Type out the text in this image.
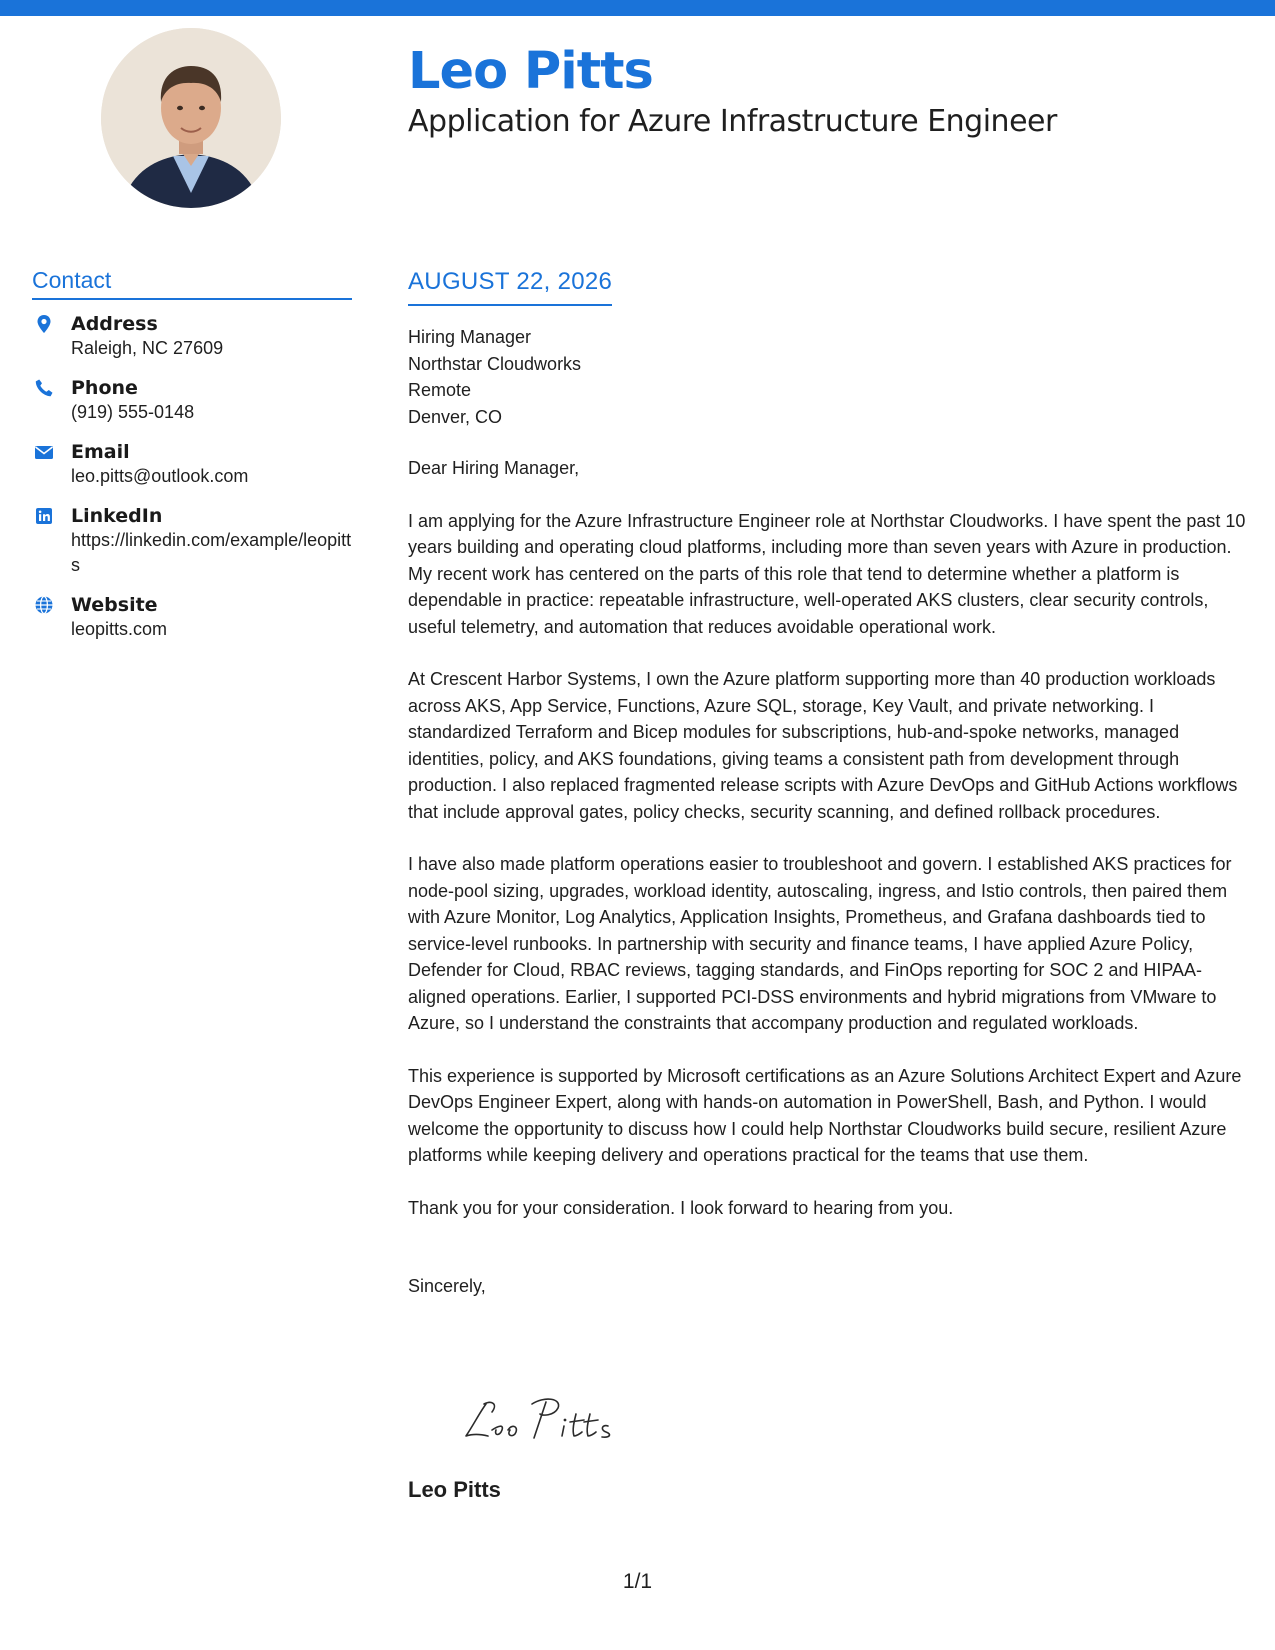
Leo Pitts
Application for Azure Infrastructure Engineer
Contact
Address
Raleigh, NC 27609
Phone
(919) 555-0148
Email
leo.pitts@outlook.com
LinkedIn
https://linkedin.com/example/leopitts
Website
leopitts.com
AUGUST 22, 2026
Hiring Manager
Northstar Cloudworks
Remote
Denver, CO
Dear Hiring Manager,

I am applying for the Azure Infrastructure Engineer role at Northstar Cloudworks. I have spent the past 10 years building and operating cloud platforms, including more than seven years with Azure in production. My recent work has centered on the parts of this role that tend to determine whether a platform is dependable in practice: repeatable infrastructure, well-operated AKS clusters, clear security controls, useful telemetry, and automation that reduces avoidable operational work.

At Crescent Harbor Systems, I own the Azure platform supporting more than 40 production workloads across AKS, App Service, Functions, Azure SQL, storage, Key Vault, and private networking. I standardized Terraform and Bicep modules for subscriptions, hub-and-spoke networks, managed identities, policy, and AKS foundations, giving teams a consistent path from development through production. I also replaced fragmented release scripts with Azure DevOps and GitHub Actions workflows that include approval gates, policy checks, security scanning, and defined rollback procedures.

I have also made platform operations easier to troubleshoot and govern. I established AKS practices for node-pool sizing, upgrades, workload identity, autoscaling, ingress, and Istio controls, then paired them with Azure Monitor, Log Analytics, Application Insights, Prometheus, and Grafana dashboards tied to service-level runbooks. In partnership with security and finance teams, I have applied Azure Policy, Defender for Cloud, RBAC reviews, tagging standards, and FinOps reporting for SOC 2 and HIPAA-aligned operations. Earlier, I supported PCI-DSS environments and hybrid migrations from VMware to Azure, so I understand the constraints that accompany production and regulated workloads.

This experience is supported by Microsoft certifications as an Azure Solutions Architect Expert and Azure DevOps Engineer Expert, along with hands-on automation in PowerShell, Bash, and Python. I would welcome the opportunity to discuss how I could help Northstar Cloudworks build secure, resilient Azure platforms while keeping delivery and operations practical for the teams that use them.

Thank you for your consideration. I look forward to hearing from you.

Sincerely,
Leo Pitts
1/1
